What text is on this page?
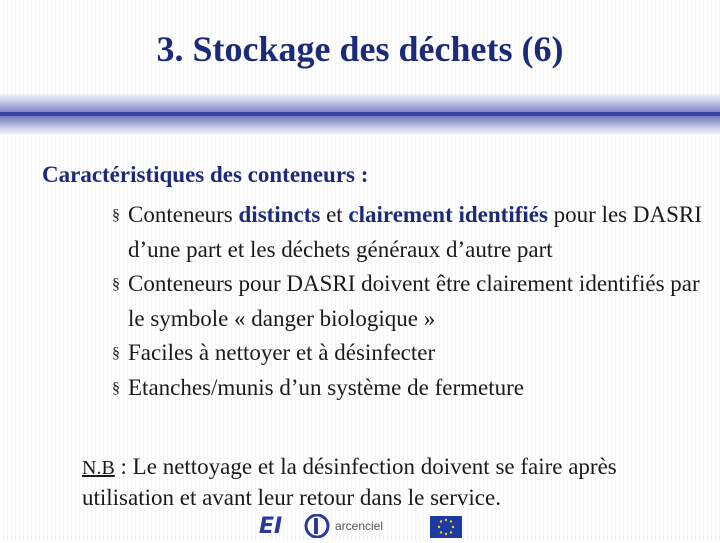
3. Stockage des déchets (6)
Caractéristiques des conteneurs :
§ Conteneurs distincts et clairement identifiés pour les DASRI d’une part et les déchets généraux d’autre part
§ Conteneurs pour DASRI doivent être clairement identifiés par le symbole « danger biologique »
§ Faciles à nettoyer et à désinfecter
§ Etanches/munis d’un système de fermeture
N.B : Le nettoyage et la désinfection doivent se faire après utilisation et avant leur retour dans le service.
EI	arcenciel
